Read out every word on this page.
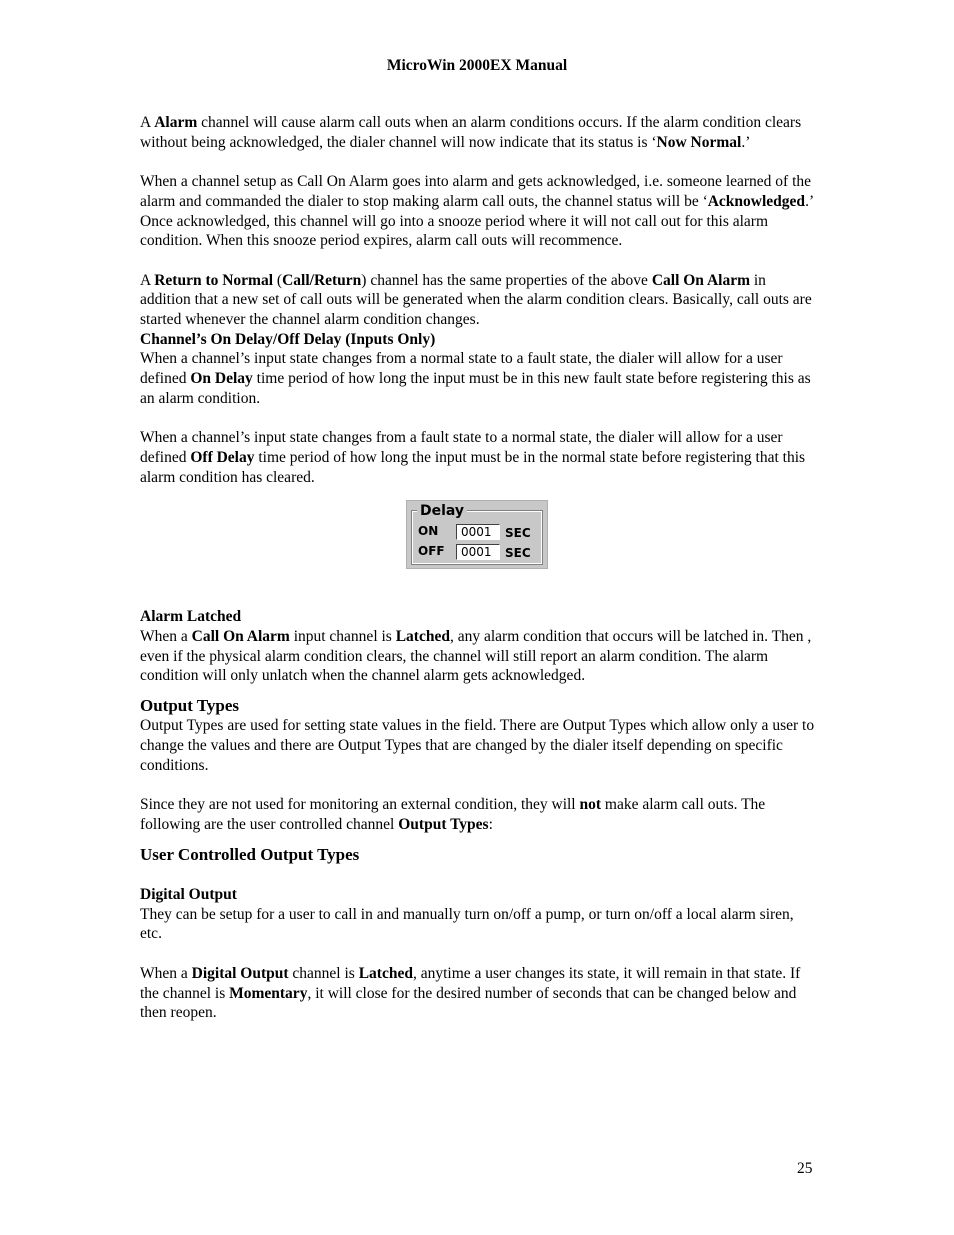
MicroWin 2000EX Manual

A Alarm channel will cause alarm call outs when an alarm conditions occurs. If the alarm condition clears without being acknowledged, the dialer channel will now indicate that its status is ‘Now Normal.’

When a channel setup as Call On Alarm goes into alarm and gets acknowledged, i.e. someone learned of the alarm and commanded the dialer to stop making alarm call outs, the channel status will be ‘Acknowledged.’ Once acknowledged, this channel will go into a snooze period where it will not call out for this alarm condition. When this snooze period expires, alarm call outs will recommence.

A Return to Normal (Call/Return) channel has the same properties of the above Call On Alarm in addition that a new set of call outs will be generated when the alarm condition clears. Basically, call outs are started whenever the channel alarm condition changes.

Channel’s On Delay/Off Delay (Inputs Only)

When a channel’s input state changes from a normal state to a fault state, the dialer will allow for a user defined On Delay time period of how long the input must be in this new fault state before registering this as an alarm condition.

When a channel’s input state changes from a fault state to a normal state, the dialer will allow for a user defined Off Delay time period of how long the input must be in the normal state before registering that this alarm condition has cleared.

Delay
ON	0001	SEC
OFF	0001	SEC

Alarm Latched

When a Call On Alarm input channel is Latched, any alarm condition that occurs will be latched in. Then , even if the physical alarm condition clears, the channel will still report an alarm condition. The alarm condition will only unlatch when the channel alarm gets acknowledged.

Output Types

Output Types are used for setting state values in the field. There are Output Types which allow only a user to change the values and there are Output Types that are changed by the dialer itself depending on specific conditions.

Since they are not used for monitoring an external condition, they will not make alarm call outs. The following are the user controlled channel Output Types:

User Controlled Output Types

Digital Output

They can be setup for a user to call in and manually turn on/off a pump, or turn on/off a local alarm siren, etc.

When a Digital Output channel is Latched, anytime a user changes its state, it will remain in that state. If the channel is Momentary, it will close for the desired number of seconds that can be changed below and then reopen.

25
